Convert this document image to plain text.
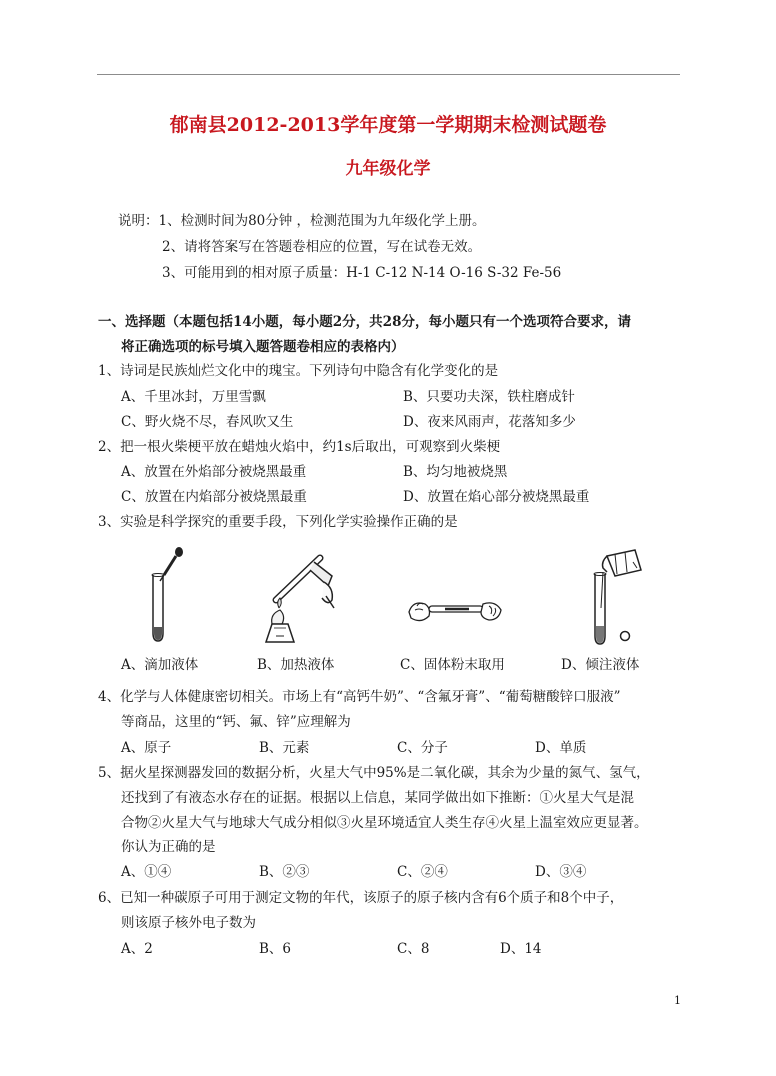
郁南县2012-2013学年度第一学期期末检测试题卷
九年级化学
说明：1、检测时间为80分钟 ，检测范围为九年级化学上册。
2、请将答案写在答题卷相应的位置，写在试卷无效。
3、可能用到的相对原子质量：H-1 C-12 N-14 O-16 S-32 Fe-56
一、选择题（本题包括14小题，每小题2分，共28分，每小题只有一个选项符合要求，请
将正确选项的标号填入题答题卷相应的表格内）
1、诗词是民族灿烂文化中的瑰宝。下列诗句中隐含有化学变化的是
A、千里冰封，万里雪飘	B、只要功夫深，铁柱磨成针
C、野火烧不尽，春风吹又生	D、夜来风雨声，花落知多少
2、把一根火柴梗平放在蜡烛火焰中，约1s后取出，可观察到火柴梗
A、放置在外焰部分被烧黑最重	B、均匀地被烧黑
C、放置在内焰部分被烧黑最重	D、放置在焰心部分被烧黑最重
3、实验是科学探究的重要手段，下列化学实验操作正确的是
A、滴加液体	B、加热液体	C、固体粉末取用	D、倾注液体
4、化学与人体健康密切相关。市场上有“高钙牛奶”、“含氟牙膏”、“葡萄糖酸锌口服液”
等商品，这里的“钙、氟、锌”应理解为
A、原子	B、元素	C、分子	D、单质
5、据火星探测器发回的数据分析，火星大气中95%是二氧化碳，其余为少量的氮气、氢气，
还找到了有液态水存在的证据。根据以上信息，某同学做出如下推断：①火星大气是混
合物②火星大气与地球大气成分相似③火星环境适宜人类生存④火星上温室效应更显著。
你认为正确的是
A、①④	B、②③	C、②④	D、③④
6、已知一种碳原子可用于测定文物的年代，该原子的原子核内含有6个质子和8个中子，
则该原子核外电子数为
A、2	B、6	C、8	D、14
1
